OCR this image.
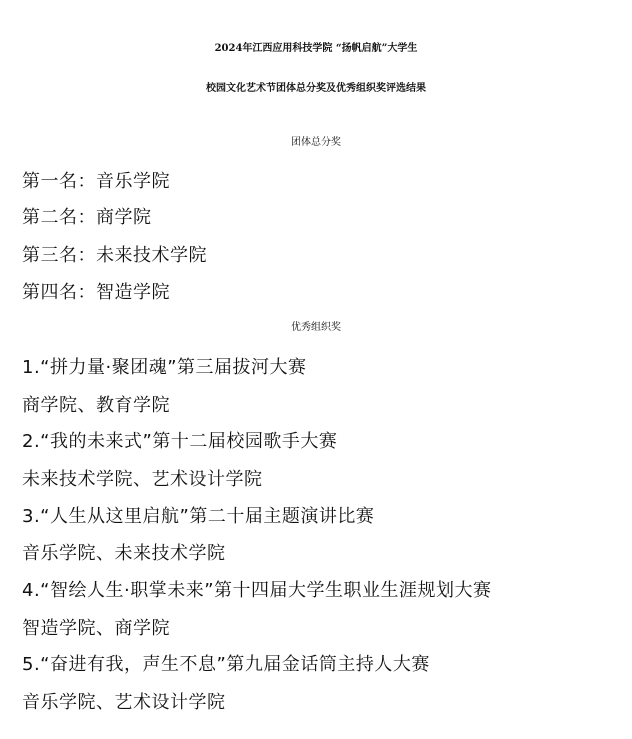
2024年江西应用科技学院 “扬帆启航”大学生
校园文化艺术节团体总分奖及优秀组织奖评选结果
团体总分奖
第一名：音乐学院
第二名：商学院
第三名：未来技术学院
第四名：智造学院
优秀组织奖
1.“拼力量·聚团魂”第三届拔河大赛
商学院、教育学院
2.“我的未来式”第十二届校园歌手大赛
未来技术学院、艺术设计学院
3.“人生从这里启航”第二十届主题演讲比赛
音乐学院、未来技术学院
4.“智绘人生·职掌未来”第十四届大学生职业生涯规划大赛
智造学院、商学院
5.“奋进有我，声生不息”第九届金话筒主持人大赛
音乐学院、艺术设计学院
